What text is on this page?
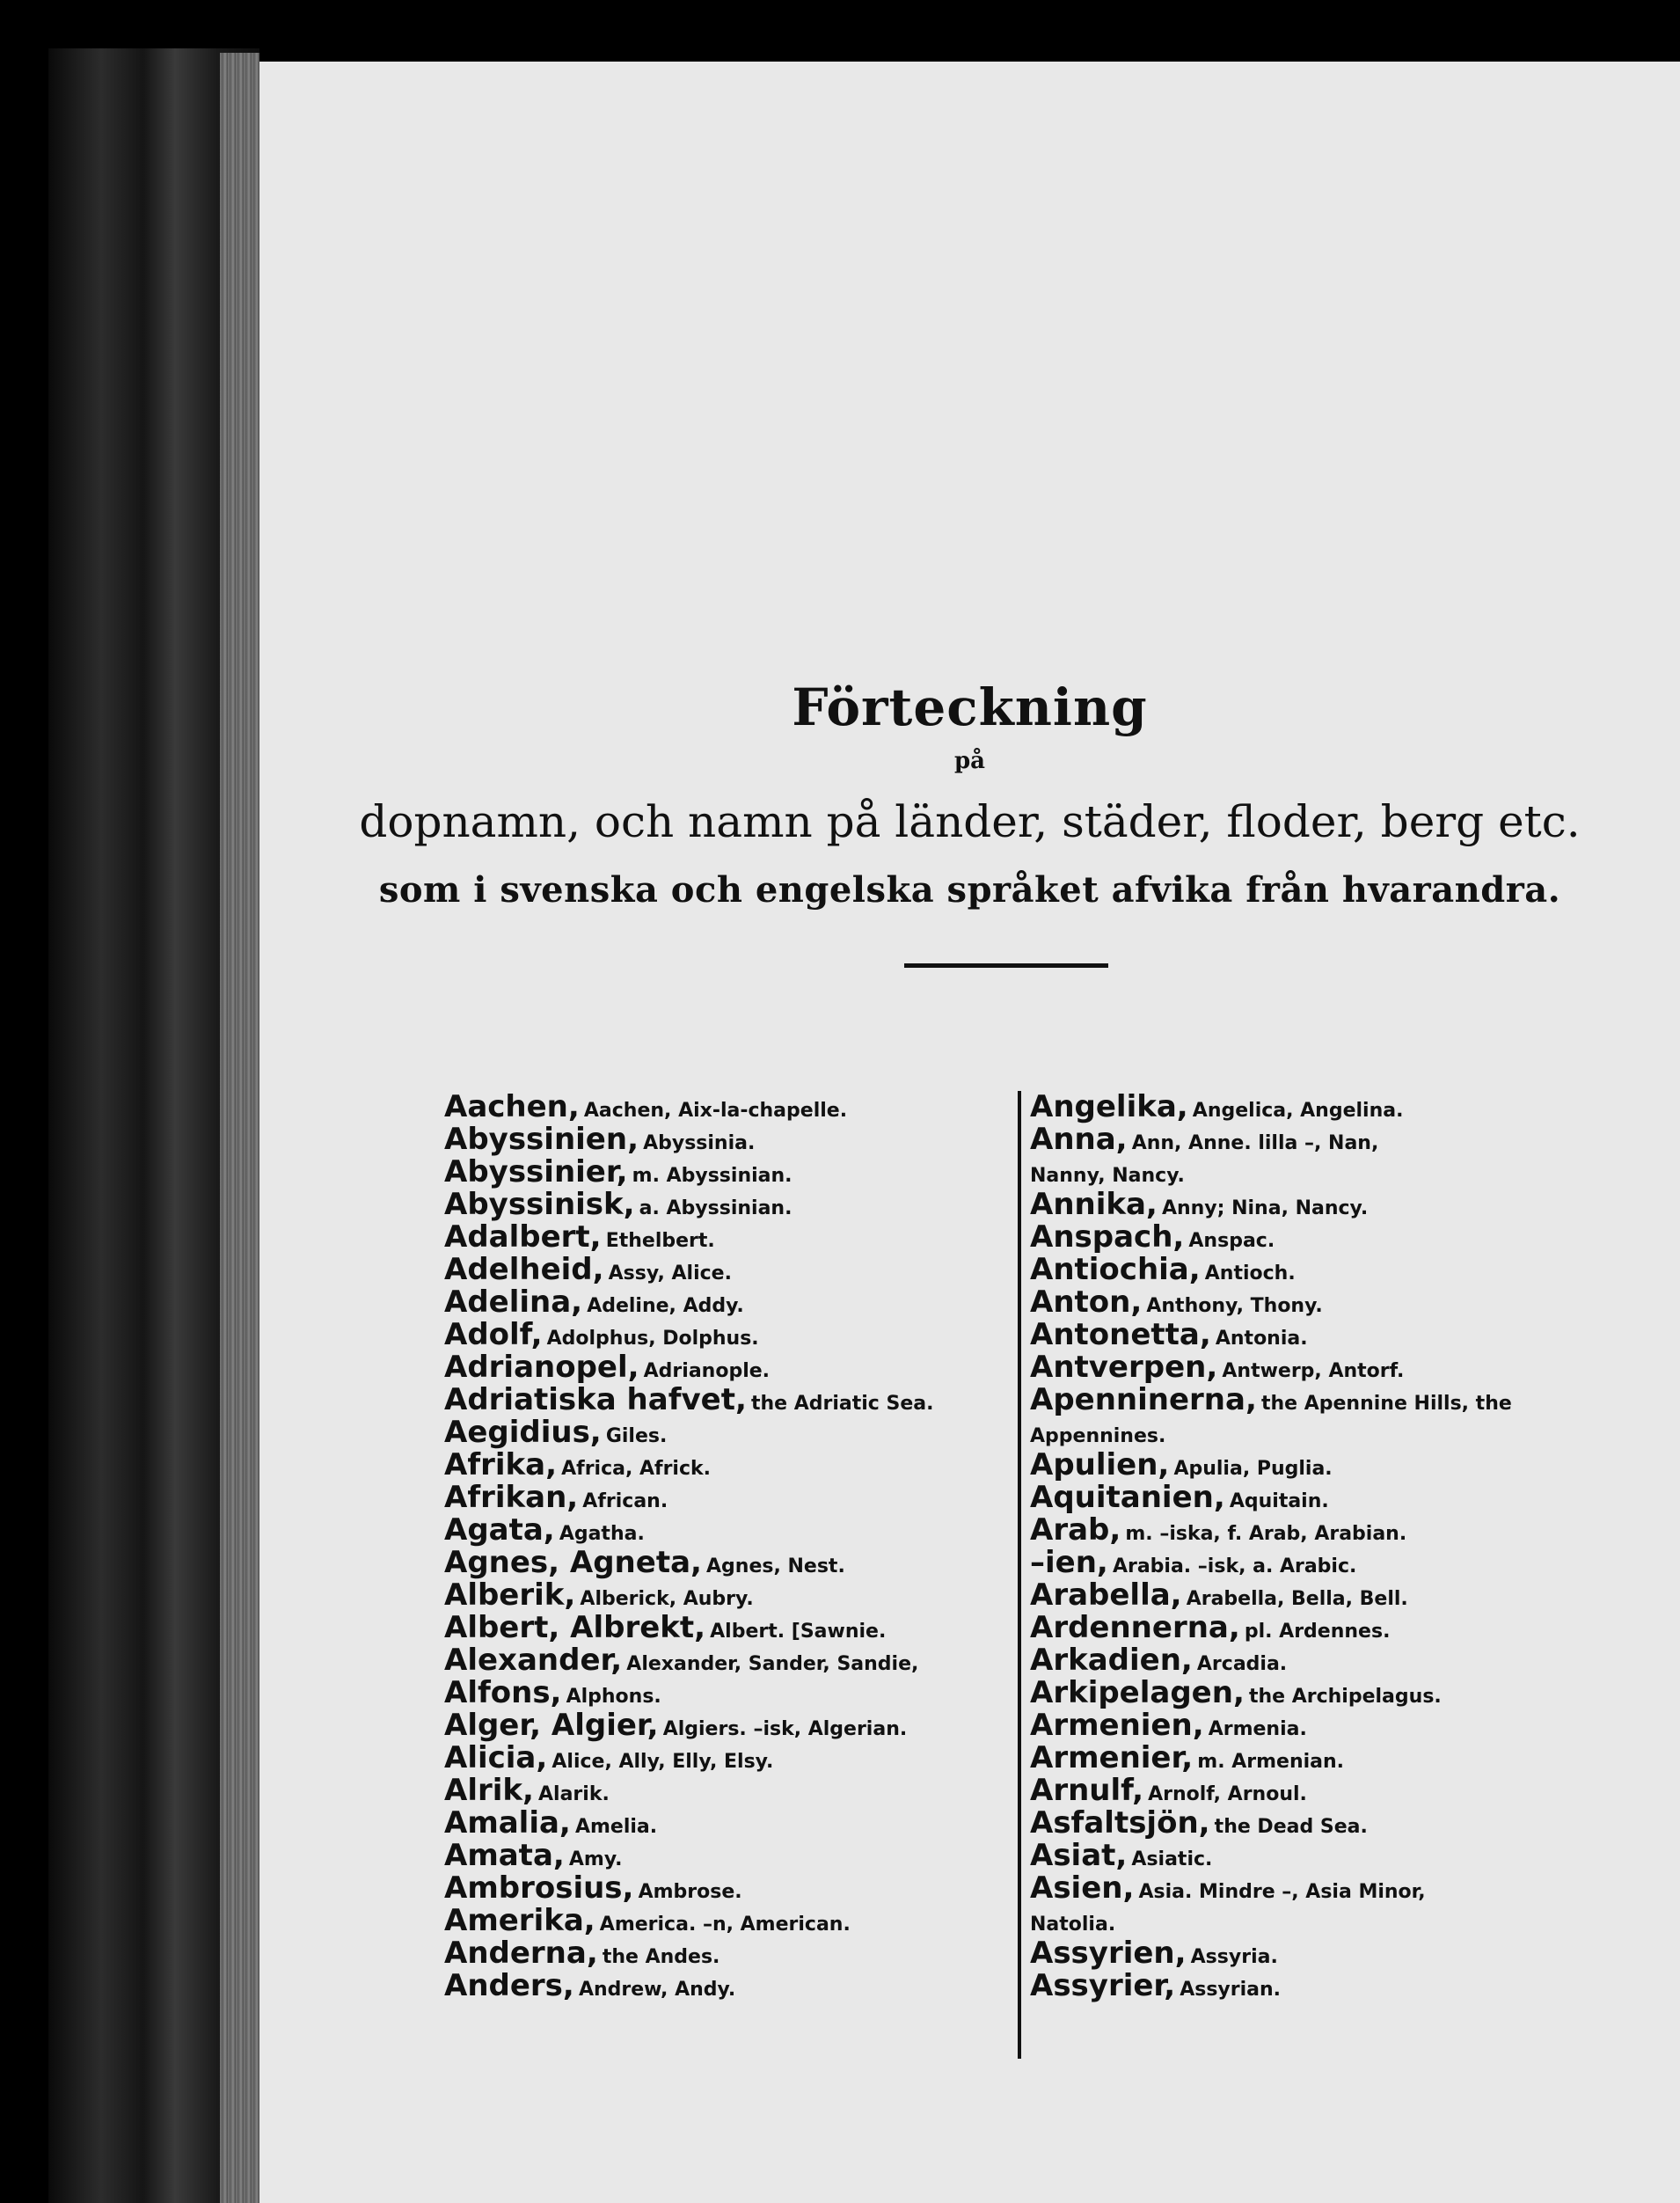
Förteckning
på
dopnamn, och namn på länder, städer, floder, berg etc.
som i svenska och engelska språket afvika från hvarandra.
Aachen, Aachen, Aix-la-chapelle.
Abyssinien, Abyssinia.
Abyssinier, m. Abyssinian.
Abyssinisk, a. Abyssinian.
Adalbert, Ethelbert.
Adelheid, Assy, Alice.
Adelina, Adeline, Addy.
Adolf, Adolphus, Dolphus.
Adrianopel, Adrianople.
Adriatiska hafvet, the Adriatic Sea.
Aegidius, Giles.
Afrika, Africa, Africk.
Afrikan, African.
Agata, Agatha.
Agnes, Agneta, Agnes, Nest.
Alberik, Alberick, Aubry.
Albert, Albrekt, Albert. [Sawnie.
Alexander, Alexander, Sander, Sandie,
Alfons, Alphons.
Alger, Algier, Algiers. –isk, Algerian.
Alicia, Alice, Ally, Elly, Elsy.
Alrik, Alarik.
Amalia, Amelia.
Amata, Amy.
Ambrosius, Ambrose.
Amerika, America. –n, American.
Anderna, the Andes.
Anders, Andrew, Andy.
Angelika, Angelica, Angelina.
Anna, Ann, Anne. lilla –, Nan,
Nanny, Nancy.
Annika, Anny; Nina, Nancy.
Anspach, Anspac.
Antiochia, Antioch.
Anton, Anthony, Thony.
Antonetta, Antonia.
Antverpen, Antwerp, Antorf.
Apenninerna, the Apennine Hills, the
Appennines.
Apulien, Apulia, Puglia.
Aquitanien, Aquitain.
Arab, m. –iska, f. Arab, Arabian.
–ien, Arabia. –isk, a. Arabic.
Arabella, Arabella, Bella, Bell.
Ardennerna, pl. Ardennes.
Arkadien, Arcadia.
Arkipelagen, the Archipelagus.
Armenien, Armenia.
Armenier, m. Armenian.
Arnulf, Arnolf, Arnoul.
Asfaltsjön, the Dead Sea.
Asiat, Asiatic.
Asien, Asia. Mindre –, Asia Minor,
Natolia.
Assyrien, Assyria.
Assyrier, Assyrian.
